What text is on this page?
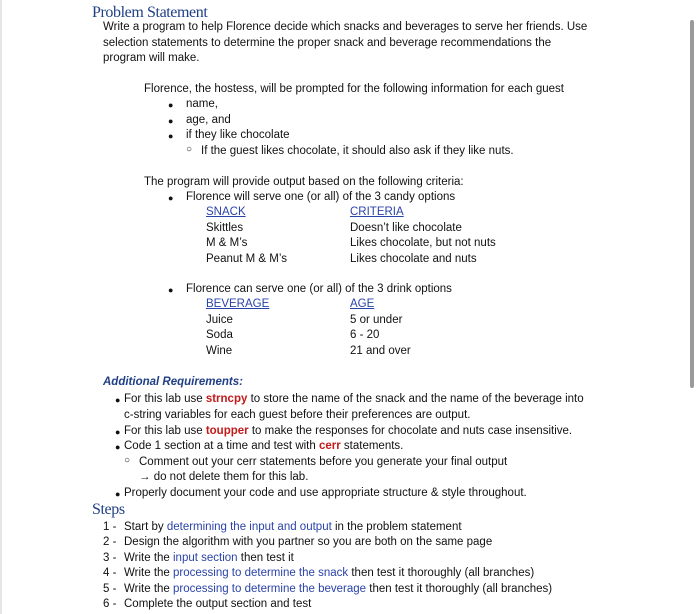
Problem Statement
Write a program to help Florence decide which snacks and beverages to serve her friends. Use
selection statements to determine the proper snack and beverage recommendations the
program will make.
Florence, the hostess, will be prompted for the following information for each guest
● name,
● age, and
● if they like chocolate
○ If the guest likes chocolate, it should also ask if they like nuts.
The program will provide output based on the following criteria:
● Florence will serve one (or all) of the 3 candy options
SNACK	CRITERIA
Skittles	Doesn’t like chocolate
M & M’s	Likes chocolate, but not nuts
Peanut M & M’s	Likes chocolate and nuts
● Florence can serve one (or all) of the 3 drink options
BEVERAGE	AGE
Juice	5 or under
Soda	6 - 20
Wine	21 and over
Additional Requirements:
● For this lab use strncpy to store the name of the snack and the name of the beverage into
c-string variables for each guest before their preferences are output.
● For this lab use toupper to make the responses for chocolate and nuts case insensitive.
● Code 1 section at a time and test with cerr statements.
○ Comment out your cerr statements before you generate your final output
→ do not delete them for this lab.
● Properly document your code and use appropriate structure & style throughout.
Steps
1 - Start by determining the input and output in the problem statement
2 - Design the algorithm with you partner so you are both on the same page
3 - Write the input section then test it
4 - Write the processing to determine the snack then test it thoroughly (all branches)
5 - Write the processing to determine the beverage then test it thoroughly (all branches)
6 - Complete the output section and test
